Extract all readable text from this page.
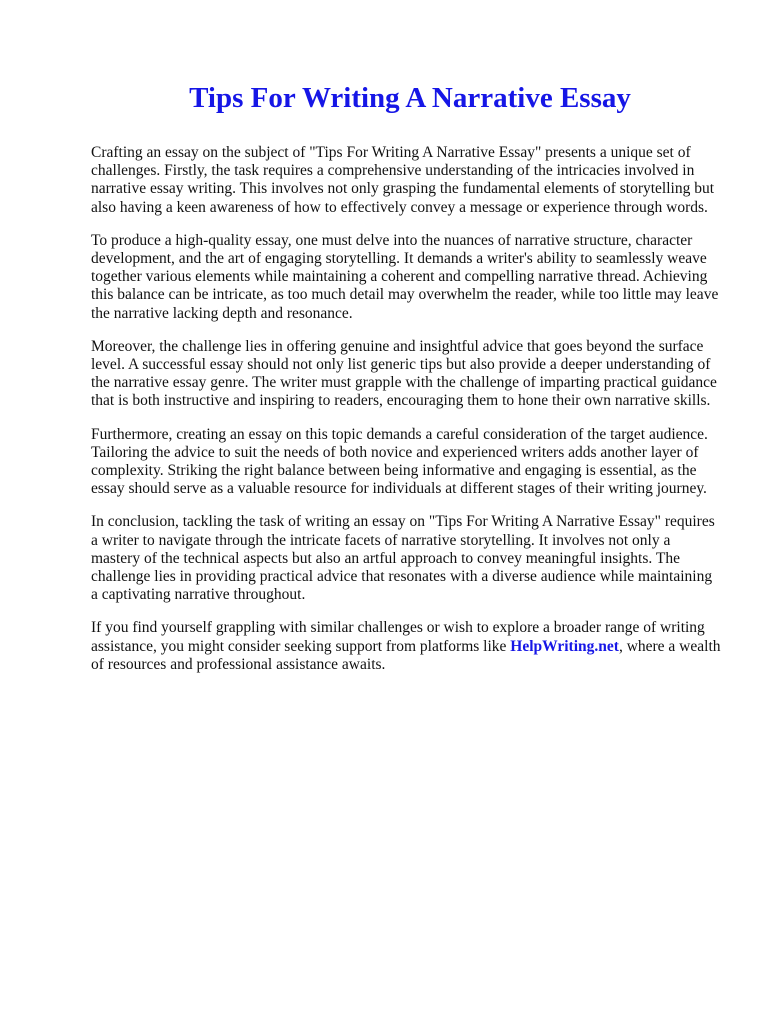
Tips For Writing A Narrative Essay

Crafting an essay on the subject of "Tips For Writing A Narrative Essay" presents a unique set of challenges. Firstly, the task requires a comprehensive understanding of the intricacies involved in narrative essay writing. This involves not only grasping the fundamental elements of storytelling but also having a keen awareness of how to effectively convey a message or experience through words.

To produce a high-quality essay, one must delve into the nuances of narrative structure, character development, and the art of engaging storytelling. It demands a writer's ability to seamlessly weave together various elements while maintaining a coherent and compelling narrative thread. Achieving this balance can be intricate, as too much detail may overwhelm the reader, while too little may leave the narrative lacking depth and resonance.

Moreover, the challenge lies in offering genuine and insightful advice that goes beyond the surface level. A successful essay should not only list generic tips but also provide a deeper understanding of the narrative essay genre. The writer must grapple with the challenge of imparting practical guidance that is both instructive and inspiring to readers, encouraging them to hone their own narrative skills.

Furthermore, creating an essay on this topic demands a careful consideration of the target audience. Tailoring the advice to suit the needs of both novice and experienced writers adds another layer of complexity. Striking the right balance between being informative and engaging is essential, as the essay should serve as a valuable resource for individuals at different stages of their writing journey.

In conclusion, tackling the task of writing an essay on "Tips For Writing A Narrative Essay" requires a writer to navigate through the intricate facets of narrative storytelling. It involves not only a mastery of the technical aspects but also an artful approach to convey meaningful insights. The challenge lies in providing practical advice that resonates with a diverse audience while maintaining a captivating narrative throughout.

If you find yourself grappling with similar challenges or wish to explore a broader range of writing assistance, you might consider seeking support from platforms like HelpWriting.net, where a wealth of resources and professional assistance awaits.
